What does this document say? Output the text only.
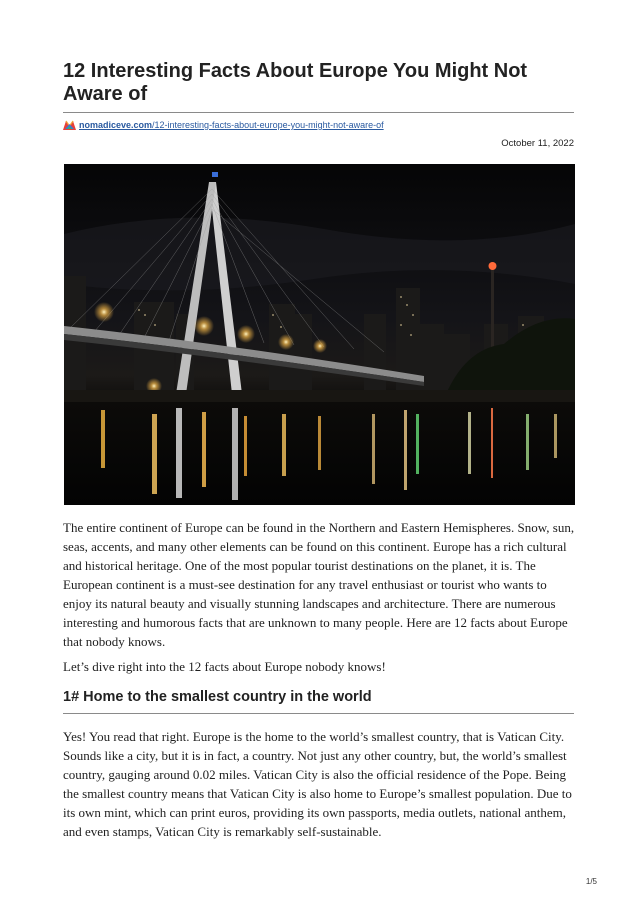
12 Interesting Facts About Europe You Might Not Aware of
nomadiceve.com /12-interesting-facts-about-europe-you-might-not-aware-of
October 11, 2022

The entire continent of Europe can be found in the Northern and Eastern Hemispheres. Snow, sun, seas, accents, and many other elements can be found on this continent. Europe has a rich cultural and historical heritage. One of the most popular tourist destinations on the planet, it is. The European continent is a must-see destination for any travel enthusiast or tourist who wants to enjoy its natural beauty and visually stunning landscapes and architecture. There are numerous interesting and humorous facts that are unknown to many people. Here are 12 facts about Europe that nobody knows.

Let’s dive right into the 12 facts about Europe nobody knows!

1# Home to the smallest country in the world

Yes! You read that right. Europe is the home to the world’s smallest country, that is Vatican City. Sounds like a city, but it is in fact, a country. Not just any other country, but, the world’s smallest country, gauging around 0.02 miles. Vatican City is also the official residence of the Pope. Being the smallest country means that Vatican City is also home to Europe’s smallest population. Due to its own mint, which can print euros, providing its own passports, media outlets, national anthem, and even stamps, Vatican City is remarkably self-sustainable.

1/5
